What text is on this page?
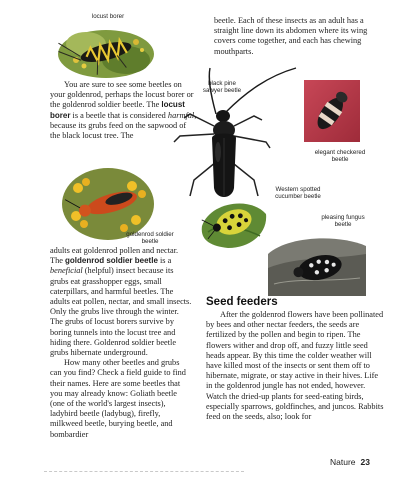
locust borer	beetle. Each of these insects as an adult has a straight line down its abdomen where its wing covers come together, and each has chewing mouthparts.

You are sure to see some beetles on your goldenrod, perhaps the locust borer or the goldenrod soldier beetle. The locust borer is a beetle that is considered harmful, because its grubs feed on the sapwood of the black locust tree. The

black pine sawyer beetle
elegant checkered beetle
Western spotted cucumber beetle
pleasing fungus beetle
goldenrod soldier beetle

adults eat goldenrod pollen and nectar. The goldenrod soldier beetle is a beneficial (helpful) insect because its grubs eat grasshopper eggs, small caterpillars, and harmful beetles. The adults eat pollen, nectar, and small insects. Only the grubs live through the winter. The grubs of locust borers survive by boring tunnels into the locust tree and hiding there. Goldenrod soldier beetle grubs hibernate underground.

How many other beetles and grubs can you find? Check a field guide to find their names. Here are some beetles that you may already know: Goliath beetle (one of the world's largest insects), ladybird beetle (ladybug), firefly, milkweed beetle, burying beetle, and bombardier

Seed feeders

After the goldenrod flowers have been pollinated by bees and other nectar feeders, the seeds are fertilized by the pollen and begin to ripen. The flowers wither and drop off, and fuzzy little seed heads appear. By this time the colder weather will have killed most of the insects or sent them off to hibernate, migrate, or stay active in their hives. Life in the goldenrod jungle has not ended, however. Watch the dried-up plants for seed-eating birds, especially sparrows, goldfinches, and juncos. Rabbits feed on the seeds, also; look for

Nature 23
